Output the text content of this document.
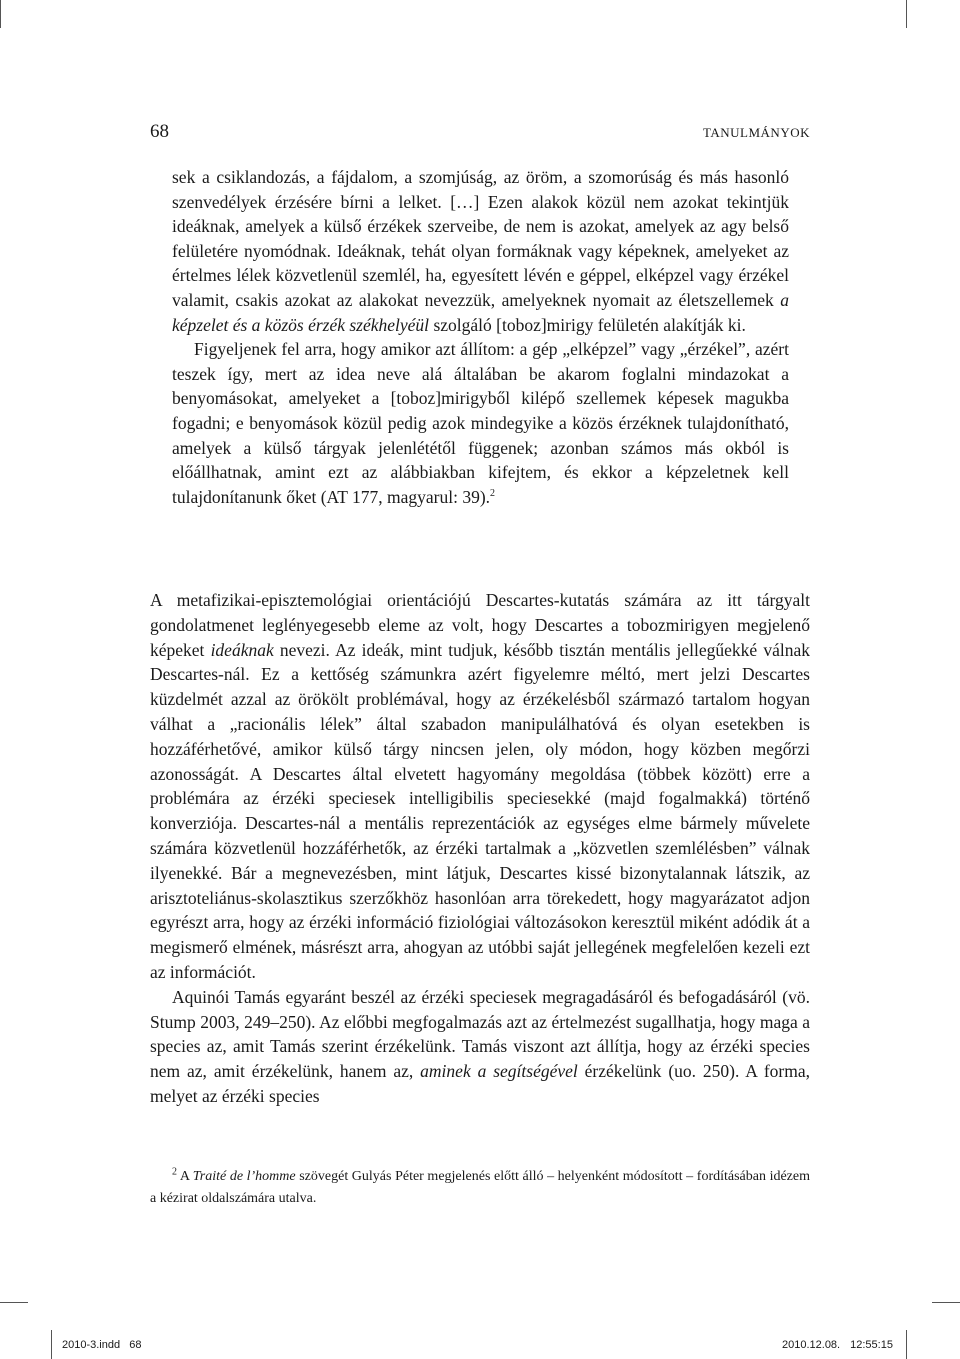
68	TANULMÁNYOK

sek a csiklandozás, a fájdalom, a szomjúság, az öröm, a szomorúság és más hasonló szenvedélyek érzésére bírni a lelket. […] Ezen alakok közül nem azokat tekintjük ideáknak, amelyek a külső érzékek szerveibe, de nem is azokat, amelyek az agy belső felületére nyomódnak. Ideáknak, tehát olyan formáknak vagy képeknek, amelyeket az értelmes lélek közvetlenül szemlél, ha, egyesített lévén e géppel, elképzel vagy érzékel valamit, csakis azokat az alakokat nevezzük, amelyeknek nyomait az életszellemek a képzelet és a közös érzék székhelyéül szolgáló [toboz]mirigy felületén alakítják ki.

Figyeljenek fel arra, hogy amikor azt állítom: a gép „elképzel” vagy „érzékel”, azért teszek így, mert az idea neve alá általában be akarom foglalni mindazokat a benyomásokat, amelyeket a [toboz]mirigyből kilépő szellemek képesek magukba fogadni; e benyomások közül pedig azok mindegyike a közös érzéknek tulajdonítható, amelyek a külső tárgyak jelenlététől függenek; azonban számos más okból is előállhatnak, amint ezt az alábbiakban kifejtem, és ekkor a képzeletnek kell tulajdonítanunk őket (AT 177, magyarul: 39).$^2$

A metafizikai-episztemológiai orientációjú Descartes-kutatás számára az itt tárgyalt gondolatmenet leglényegesebb eleme az volt, hogy Descartes a tobozmirigyen megjelenő képeket ideáknak nevezi. Az ideák, mint tudjuk, később tisztán mentális jellegűekké válnak Descartes-nál. Ez a kettőség számunkra azért figyelemre méltó, mert jelzi Descartes küzdelmét azzal az örökölt problémával, hogy az érzékelésből származó tartalom hogyan válhat a „racionális lélek” által szabadon manipulálhatóvá és olyan esetekben is hozzáférhetővé, amikor külső tárgy nincsen jelen, oly módon, hogy közben megőrzi azonosságát. A Descartes által elvetett hagyomány megoldása (többek között) erre a problémára az érzéki speciesek intelligibilis speciesekké (majd fogalmakká) történő konverziója. Descartes-nál a mentális reprezentációk az egységes elme bármely művelete számára közvetlenül hozzáférhetők, az érzéki tartalmak a „közvetlen szemlélésben” válnak ilyenekké. Bár a megnevezésben, mint látjuk, Descartes kissé bizonytalannak látszik, az arisztoteliánus-skolasztikus szerzőkhöz hasonlóan arra törekedett, hogy magyarázatot adjon egyrészt arra, hogy az érzéki információ fiziológiai változásokon keresztül miként adódik át a megismerő elmének, másrészt arra, ahogyan az utóbbi saját jellegének megfelelően kezeli ezt az információt.

Aquinói Tamás egyaránt beszél az érzéki speciesek megragadásáról és befogadásáról (vö. Stump 2003, 249–250). Az előbbi megfogalmazás azt az értelmezést sugallhatja, hogy maga a species az, amit Tamás szerint érzékelünk. Tamás viszont azt állítja, hogy az érzéki species nem az, amit érzékelünk, hanem az, aminek a segítségével érzékelünk (uo. 250). A forma, melyet az érzéki species

$^2$ A Traité de l’homme szövegét Gulyás Péter megjelenés előtt álló – helyenként módosított – fordításában idézem a kézirat oldalszámára utalva.

2010-3.indd   68	2010.12.08. 12:55:15
